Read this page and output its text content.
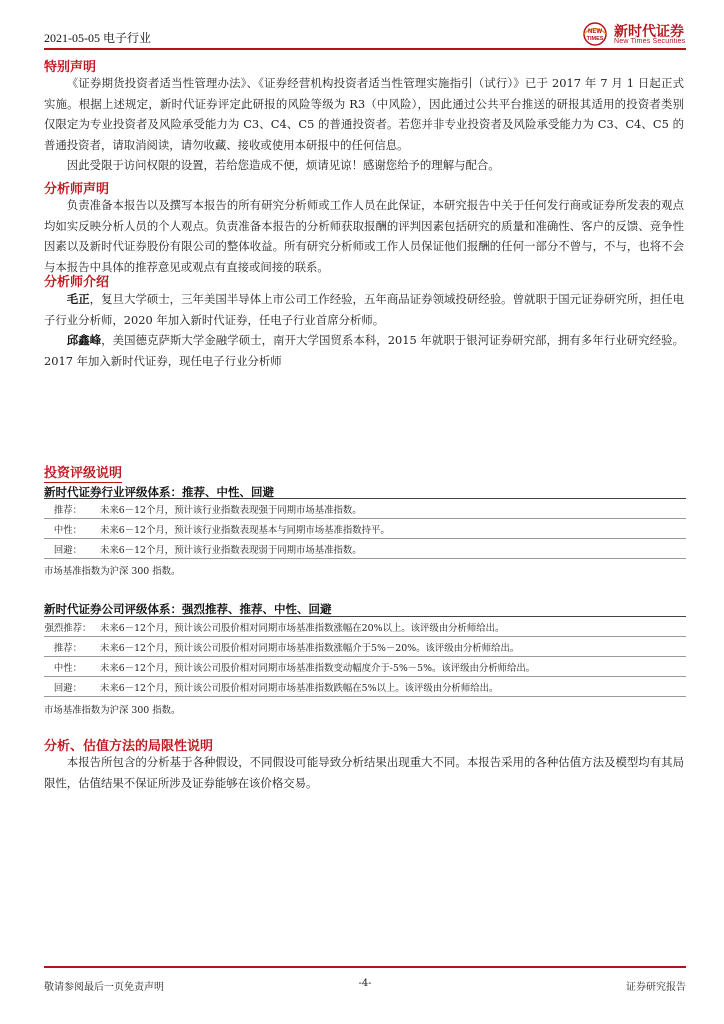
2021-05-05 电子行业	NEW
TIMES 新时代证券
New Times Securities
特别声明

《证券期货投资者适当性管理办法》、《证券经营机构投资者适当性管理实施指引（试行）》已于 2017 年 7 月 1 日起正式实施。根据上述规定，新时代证券评定此研报的风险等级为 R3（中风险），因此通过公共平台推送的研报其适用的投资者类别仅限定为专业投资者及风险承受能力为 C3、C4、C5 的普通投资者。若您并非专业投资者及风险承受能力为 C3、C4、C5 的普通投资者，请取消阅读，请勿收藏、接收或使用本研报中的任何信息。

因此受限于访问权限的设置，若给您造成不便，烦请见谅！感谢您给予的理解与配合。

分析师声明

负责准备本报告以及撰写本报告的所有研究分析师或工作人员在此保证，本研究报告中关于任何发行商或证券所发表的观点均如实反映分析人员的个人观点。负责准备本报告的分析师获取报酬的评判因素包括研究的质量和准确性、客户的反馈、竞争性因素以及新时代证券股份有限公司的整体收益。所有研究分析师或工作人员保证他们报酬的任何一部分不曾与，不与，也将不会与本报告中具体的推荐意见或观点有直接或间接的联系。

分析师介绍

毛正，复旦大学硕士，三年美国半导体上市公司工作经验，五年商品证券领域投研经验。曾就职于国元证券研究所，担任电子行业分析师，2020 年加入新时代证券，任电子行业首席分析师。

邱鑫峰，美国德克萨斯大学金融学硕士，南开大学国贸系本科，2015 年就职于银河证券研究部，拥有多年行业研究经验。2017 年加入新时代证券，现任电子行业分析师

投资评级说明
新时代证券行业评级体系：推荐、中性、回避
推荐：	未来6－12个月，预计该行业指数表现强于同期市场基准指数。
中性：	未来6－12个月，预计该行业指数表现基本与同期市场基准指数持平。
回避：	未来6－12个月，预计该行业指数表现弱于同期市场基准指数。
市场基准指数为沪深 300 指数。
新时代证券公司评级体系：强烈推荐、推荐、中性、回避
强烈推荐：	未来6－12个月，预计该公司股价相对同期市场基准指数涨幅在20%以上。该评级由分析师给出。
推荐：	未来6－12个月，预计该公司股价相对同期市场基准指数涨幅介于5%－20%。该评级由分析师给出。
中性：	未来6－12个月，预计该公司股价相对同期市场基准指数变动幅度介于-5%－5%。该评级由分析师给出。
回避：	未来6－12个月，预计该公司股价相对同期市场基准指数跌幅在5%以上。该评级由分析师给出。
市场基准指数为沪深 300 指数。
分析、估值方法的局限性说明

本报告所包含的分析基于各种假设，不同假设可能导致分析结果出现重大不同。本报告采用的各种估值方法及模型均有其局限性，估值结果不保证所涉及证券能够在该价格交易。

敬请参阅最后一页免责声明	-4-	证券研究报告
